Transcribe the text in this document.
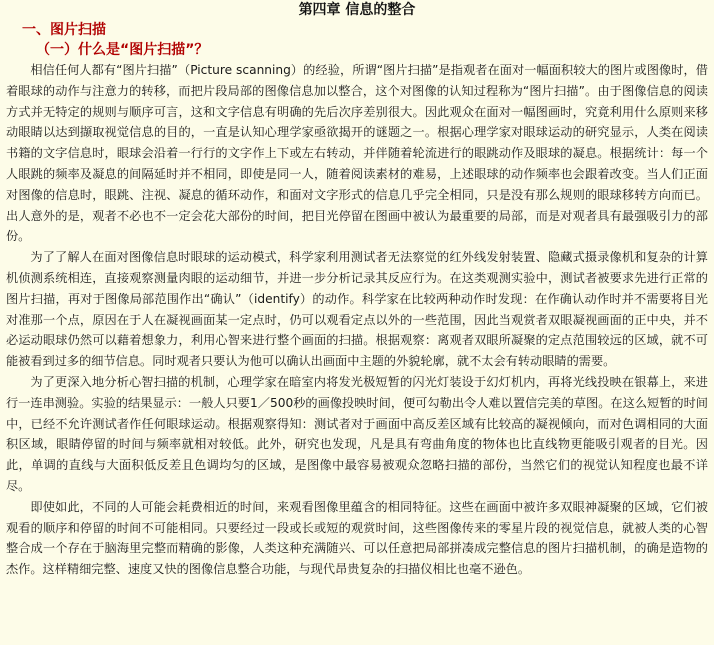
第四章 信息的整合
一、图片扫描
（一）什么是“图片扫描”？

相信任何人都有“图片扫描”（Picture scanning）的经验，所谓“图片扫描”是指观者在面对一幅面积较大的图片或图像时，借着眼球的动作与注意力的转移，而把片段局部的图像信息加以整合，这个对图像的认知过程称为“图片扫描”。由于图像信息的阅读方式并无特定的规则与顺序可言，这和文字信息有明确的先后次序差别很大。因此观众在面对一幅图画时，究竟利用什么原则来移动眼睛以达到撷取视觉信息的目的，一直是认知心理学家亟欲揭开的谜题之一。根据心理学家对眼球运动的研究显示，人类在阅读书籍的文字信息时，眼球会沿着一行行的文字作上下或左右转动，并伴随着轮流进行的眼跳动作及眼球的凝息。根据统计：每一个人眼跳的频率及凝息的间隔延时并不相同，即使是同一人，随着阅读素材的难易，上述眼球的动作频率也会跟着改变。当人们正面对图像的信息时，眼跳、注视、凝息的循环动作，和面对文字形式的信息几乎完全相同，只是没有那么规则的眼球移转方向而已。出人意外的是，观者不必也不一定会花大部份的时间，把目光停留在图画中被认为最重要的局部，而是对观者具有最强吸引力的部份。

为了了解人在面对图像信息时眼球的运动模式，科学家利用测试者无法察觉的红外线发射装置、隐藏式摄录像机和复杂的计算机侦测系统相连，直接观察测量肉眼的运动细节，并进一步分析记录其反应行为。在这类观测实验中，测试者被要求先进行正常的图片扫描，再对于图像局部范围作出“确认”（identify）的动作。科学家在比较两种动作时发现：在作确认动作时并不需要将目光对准那一个点，原因在于人在凝视画面某一定点时，仍可以观看定点以外的一些范围，因此当观赏者双眼凝视画面的正中央，并不必运动眼球仍然可以藉着想象力，利用心智来进行整个画面的扫描。根据观察：离观者双眼所凝聚的定点范围较远的区域，就不可能被看到过多的细节信息。同时观者只要认为他可以确认出画面中主题的外貌轮廓，就不太会有转动眼睛的需要。

为了更深入地分析心智扫描的机制，心理学家在暗室内将发光极短暂的闪光灯装设于幻灯机内，再将光线投映在银幕上，来进行一连串测验。实验的结果显示：一般人只要1／500秒的画像投映时间，便可勾勒出令人难以置信完美的草图。在这么短暂的时间中，已经不允许测试者作任何眼球运动。根据观察得知：测试者对于画面中高反差区域有比较高的凝视倾向，而对色调相同的大面积区域，眼睛停留的时间与频率就相对较低。此外，研究也发现，凡是具有弯曲角度的物体也比直线物更能吸引观者的目光。因此，单调的直线与大面积低反差且色调均匀的区域，是图像中最容易被观众忽略扫描的部份，当然它们的视觉认知程度也最不详尽。

即使如此，不同的人可能会耗费相近的时间，来观看图像里蕴含的相同特征。这些在画面中被许多双眼神凝聚的区域，它们被观看的顺序和停留的时间不可能相同。只要经过一段或长或短的观赏时间，这些图像传来的零星片段的视觉信息，就被人类的心智整合成一个存在于脑海里完整而精确的影像，人类这种充满随兴、可以任意把局部拼凑成完整信息的图片扫描机制，的确是造物的杰作。这样精细完整、速度又快的图像信息整合功能，与现代昂贵复杂的扫描仪相比也毫不逊色。
